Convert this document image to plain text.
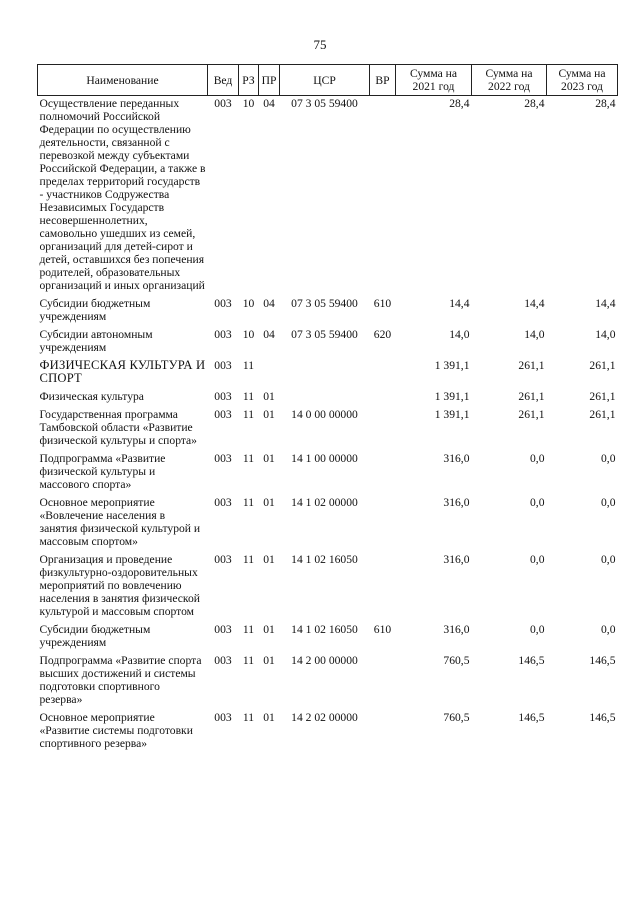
75
Наименование	Вед	РЗ	ПР	ЦСР	ВР	Сумма на 2021 год	Сумма на 2022 год	Сумма на 2023 год
Осуществление переданных полномочий Российской Федерации по осуществлению деятельности, связанной с перевозкой между субъектами Российской Федерации, а также в пределах территорий государств - участников Содружества Независимых Государств несовершеннолетних, самовольно ушедших из семей, организаций для детей-сирот и детей, оставшихся без попечения родителей, образовательных организаций и иных организаций	003	10	04	07 3 05 59400		28,4	28,4	28,4
Субсидии бюджетным учреждениям	003	10	04	07 3 05 59400	610	14,4	14,4	14,4
Субсидии автономным учреждениям	003	10	04	07 3 05 59400	620	14,0	14,0	14,0
ФИЗИЧЕСКАЯ КУЛЬТУРА И СПОРТ	003	11				1 391,1	261,1	261,1
Физическая культура	003	11	01			1 391,1	261,1	261,1
Государственная программа Тамбовской области «Развитие физической культуры и спорта»	003	11	01	14 0 00 00000		1 391,1	261,1	261,1
Подпрограмма «Развитие физической культуры и массового спорта»	003	11	01	14 1 00 00000		316,0	0,0	0,0
Основное мероприятие «Вовлечение населения в занятия физической культурой и массовым спортом»	003	11	01	14 1 02 00000		316,0	0,0	0,0
Организация и проведение физкультурно-оздоровительных мероприятий по вовлечению населения в занятия физической культурой и массовым спортом	003	11	01	14 1 02 16050		316,0	0,0	0,0
Субсидии бюджетным учреждениям	003	11	01	14 1 02 16050	610	316,0	0,0	0,0
Подпрограмма «Развитие спорта высших достижений и системы подготовки спортивного резерва»	003	11	01	14 2 00 00000		760,5	146,5	146,5
Основное мероприятие «Развитие системы подготовки спортивного резерва»	003	11	01	14 2 02 00000		760,5	146,5	146,5
